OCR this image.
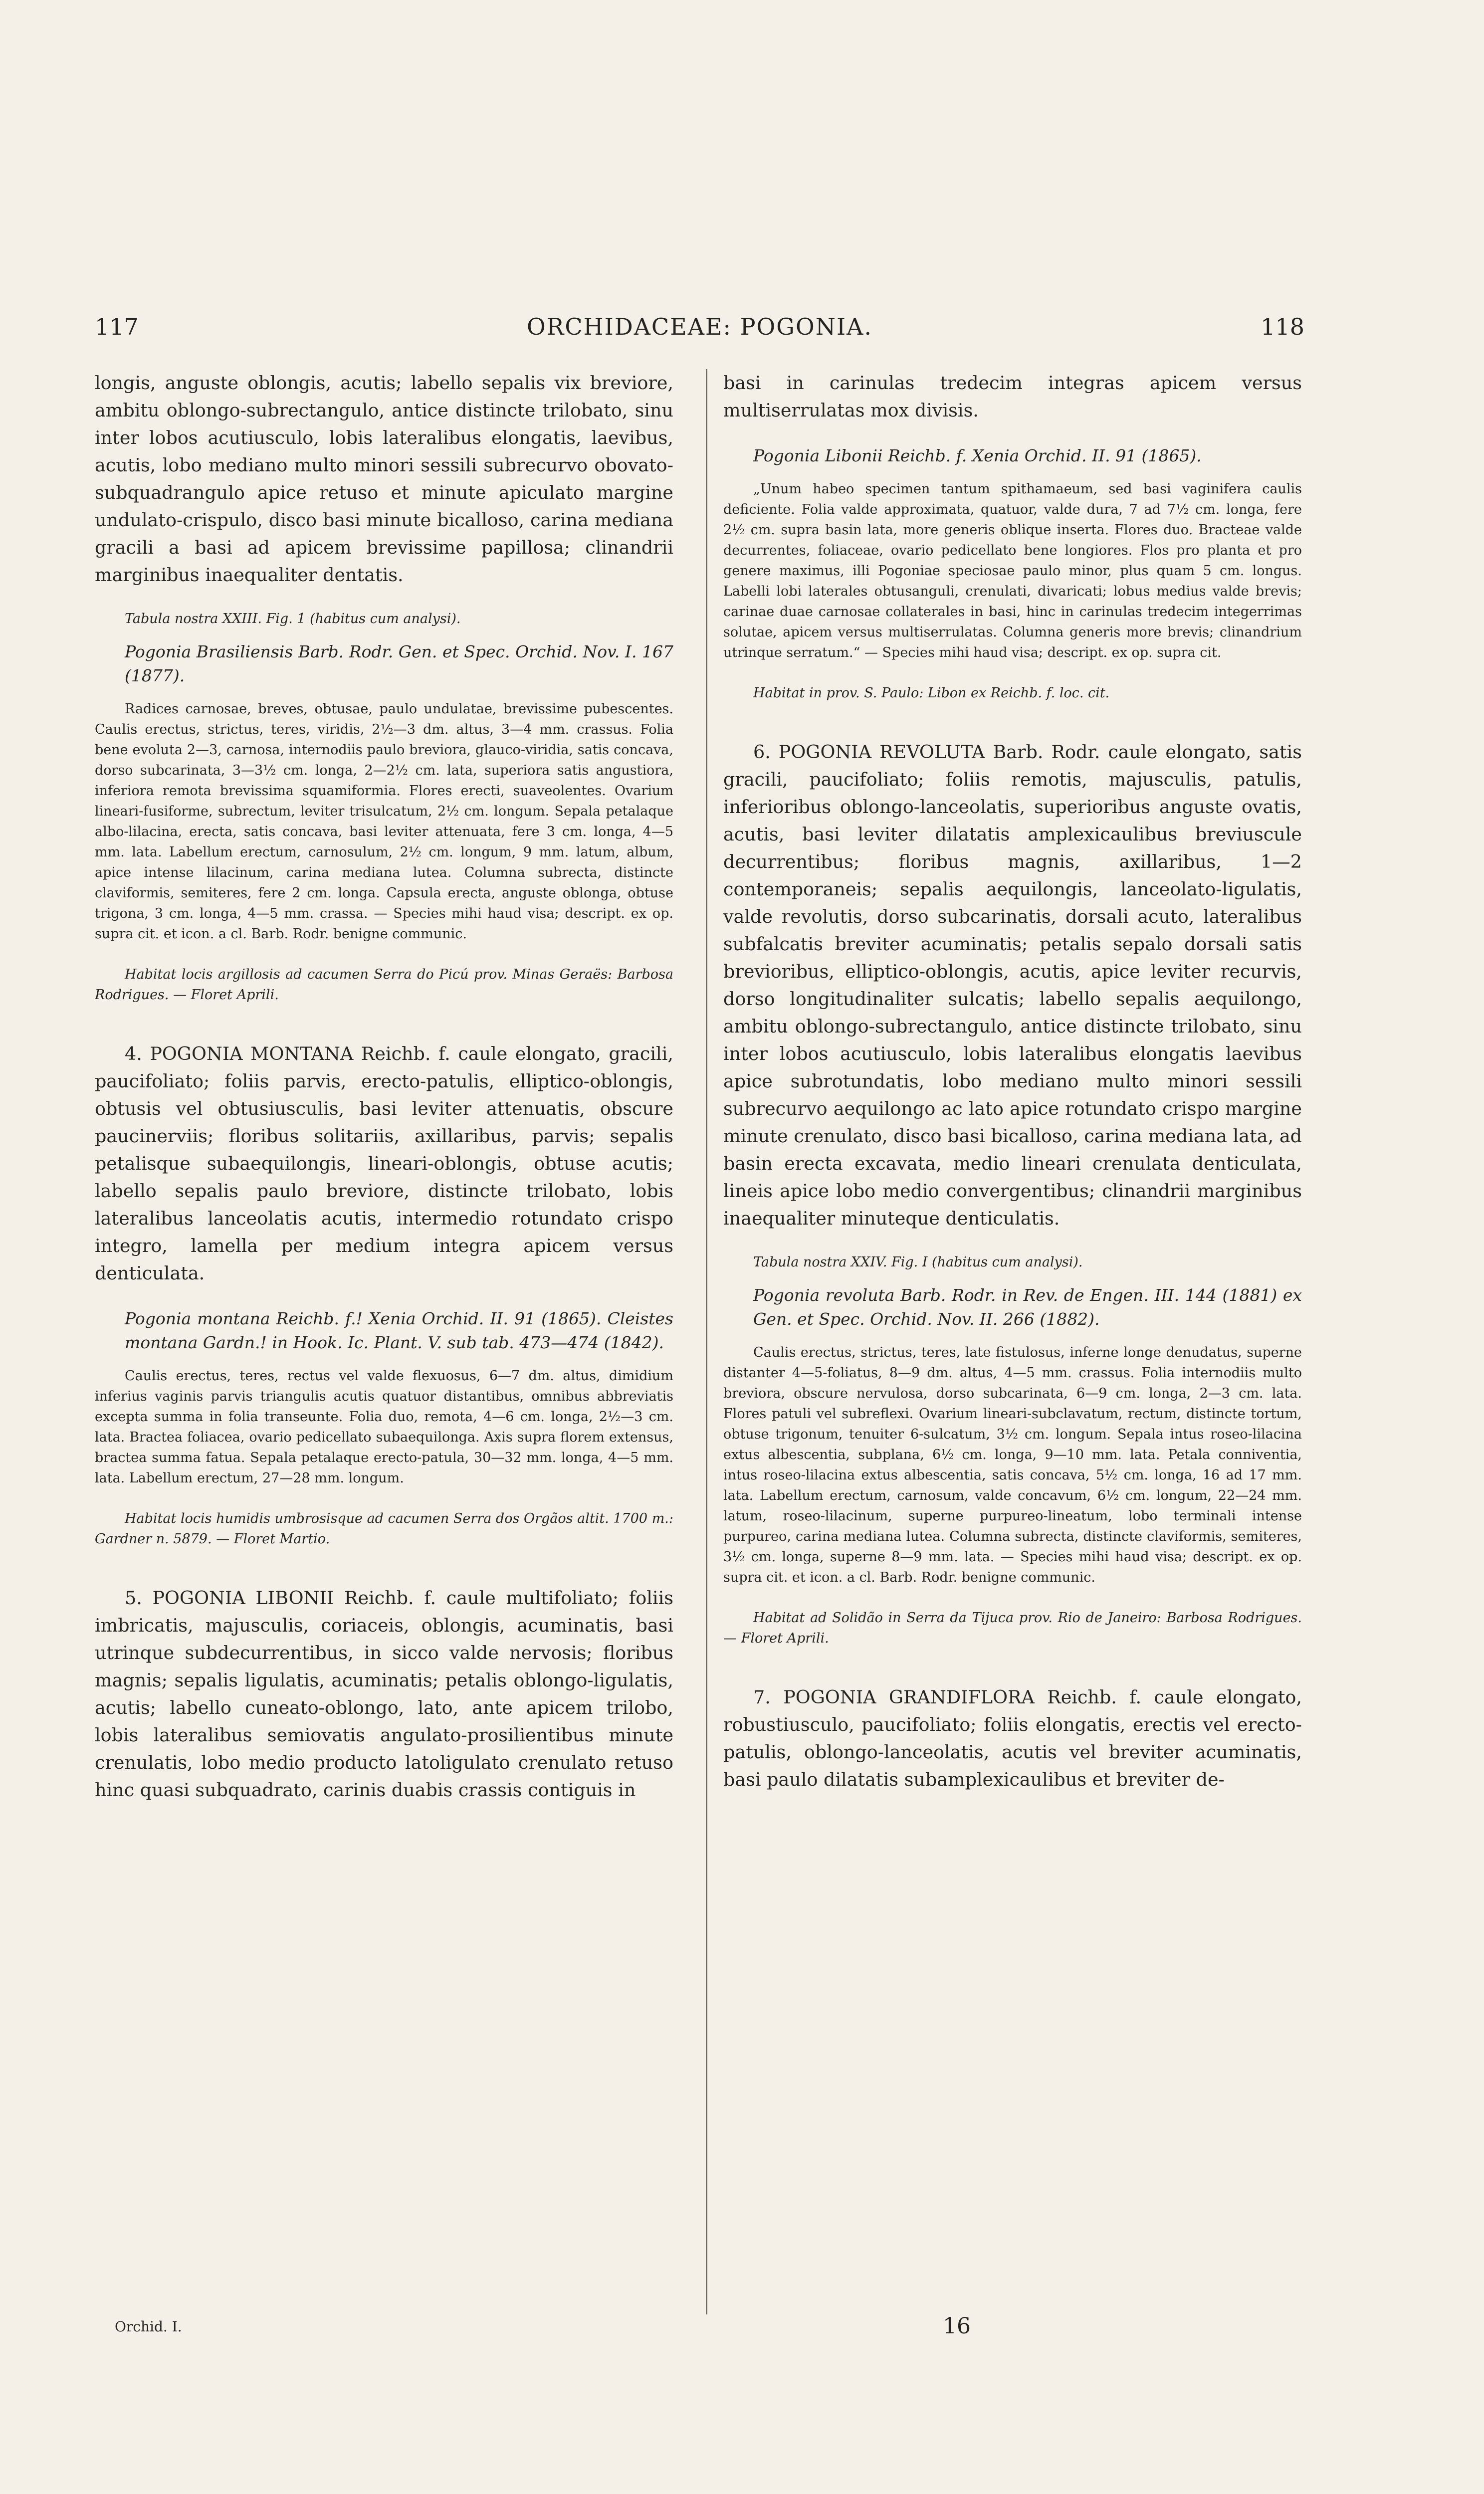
117	ORCHIDACEAE: POGONIA.	118

longis, anguste oblongis, acutis; labello sepalis vix breviore, ambitu oblongo-subrectangulo, antice distincte trilobato, sinu inter lobos acutiusculo, lobis lateralibus elongatis, laevibus, acutis, lobo mediano multo minori sessili subrecurvo obovato-subquadrangulo apice retuso et minute apiculato margine undulato-crispulo, disco basi minute bicalloso, carina mediana gracili a basi ad apicem brevissime papillosa; clinandrii marginibus inaequaliter dentatis.

Tabula nostra XXIII. Fig. 1 (habitus cum analysi).

Pogonia Brasiliensis Barb. Rodr. Gen. et Spec. Orchid. Nov. I. 167 (1877).

Radices carnosae, breves, obtusae, paulo undulatae, brevissime pubescentes. Caulis erectus, strictus, teres, viridis, 2½—3 dm. altus, 3—4 mm. crassus. Folia bene evoluta 2—3, carnosa, internodiis paulo breviora, glauco-viridia, satis concava, dorso subcarinata, 3—3½ cm. longa, 2—2½ cm. lata, superiora satis angustiora, inferiora remota brevissima squamiformia. Flores erecti, suaveolentes. Ovarium lineari-fusiforme, subrectum, leviter trisulcatum, 2½ cm. longum. Sepala petalaque albo-lilacina, erecta, satis concava, basi leviter attenuata, fere 3 cm. longa, 4—5 mm. lata. Labellum erectum, carnosulum, 2½ cm. longum, 9 mm. latum, album, apice intense lilacinum, carina mediana lutea. Columna subrecta, distincte claviformis, semiteres, fere 2 cm. longa. Capsula erecta, anguste oblonga, obtuse trigona, 3 cm. longa, 4—5 mm. crassa. — Species mihi haud visa; descript. ex op. supra cit. et icon. a cl. Barb. Rodr. benigne communic.

Habitat locis argillosis ad cacumen Serra do Picú prov. Minas Geraës: Barbosa Rodrigues. — Floret Aprili.

4. POGONIA MONTANA Reichb. f. caule elongato, gracili, paucifoliato; foliis parvis, erecto-patulis, elliptico-oblongis, obtusis vel obtusiusculis, basi leviter attenuatis, obscure paucinerviis; floribus solitariis, axillaribus, parvis; sepalis petalisque subaequilongis, lineari-oblongis, obtuse acutis; labello sepalis paulo breviore, distincte trilobato, lobis lateralibus lanceolatis acutis, intermedio rotundato crispo integro, lamella per medium integra apicem versus denticulata.

Pogonia montana Reichb. f.! Xenia Orchid. II. 91 (1865). Cleistes montana Gardn.! in Hook. Ic. Plant. V. sub tab. 473—474 (1842).

Caulis erectus, teres, rectus vel valde flexuosus, 6—7 dm. altus, dimidium inferius vaginis parvis triangulis acutis quatuor distantibus, omnibus abbreviatis excepta summa in folia transeunte. Folia duo, remota, 4—6 cm. longa, 2½—3 cm. lata. Bractea foliacea, ovario pedicellato subaequilonga. Axis supra florem extensus, bractea summa fatua. Sepala petalaque erecto-patula, 30—32 mm. longa, 4—5 mm. lata. Labellum erectum, 27—28 mm. longum.

Habitat locis humidis umbrosisque ad cacumen Serra dos Orgãos altit. 1700 m.: Gardner n. 5879. — Floret Martio.

5. POGONIA LIBONII Reichb. f. caule multifoliato; foliis imbricatis, majusculis, coriaceis, oblongis, acuminatis, basi utrinque subdecurrentibus, in sicco valde nervosis; floribus magnis; sepalis ligulatis, acuminatis; petalis oblongo-ligulatis, acutis; labello cuneato-oblongo, lato, ante apicem trilobo, lobis lateralibus semiovatis angulato-prosilientibus minute crenulatis, lobo medio producto latoligulato crenulato retuso hinc quasi subquadrato, carinis duabis crassis contiguis in

basi in carinulas tredecim integras apicem versus multiserrulatas mox divisis.

Pogonia Libonii Reichb. f. Xenia Orchid. II. 91 (1865).

„Unum habeo specimen tantum spithamaeum, sed basi vaginifera caulis deficiente. Folia valde approximata, quatuor, valde dura, 7 ad 7½ cm. longa, fere 2½ cm. supra basin lata, more generis oblique inserta. Flores duo. Bracteae valde decurrentes, foliaceae, ovario pedicellato bene longiores. Flos pro planta et pro genere maximus, illi Pogoniae speciosae paulo minor, plus quam 5 cm. longus. Labelli lobi laterales obtusanguli, crenulati, divaricati; lobus medius valde brevis; carinae duae carnosae collaterales in basi, hinc in carinulas tredecim integerrimas solutae, apicem versus multiserrulatas. Columna generis more brevis; clinandrium utrinque serratum.“ — Species mihi haud visa; descript. ex op. supra cit.

Habitat in prov. S. Paulo: Libon ex Reichb. f. loc. cit.

6. POGONIA REVOLUTA Barb. Rodr. caule elongato, satis gracili, paucifoliato; foliis remotis, majusculis, patulis, inferioribus oblongo-lanceolatis, superioribus anguste ovatis, acutis, basi leviter dilatatis amplexicaulibus breviuscule decurrentibus; floribus magnis, axillaribus, 1—2 contemporaneis; sepalis aequilongis, lanceolato-ligulatis, valde revolutis, dorso subcarinatis, dorsali acuto, lateralibus subfalcatis breviter acuminatis; petalis sepalo dorsali satis brevioribus, elliptico-oblongis, acutis, apice leviter recurvis, dorso longitudinaliter sulcatis; labello sepalis aequilongo, ambitu oblongo-subrectangulo, antice distincte trilobato, sinu inter lobos acutiusculo, lobis lateralibus elongatis laevibus apice subrotundatis, lobo mediano multo minori sessili subrecurvo aequilongo ac lato apice rotundato crispo margine minute crenulato, disco basi bicalloso, carina mediana lata, ad basin erecta excavata, medio lineari crenulata denticulata, lineis apice lobo medio convergentibus; clinandrii marginibus inaequaliter minuteque denticulatis.

Tabula nostra XXIV. Fig. I (habitus cum analysi).

Pogonia revoluta Barb. Rodr. in Rev. de Engen. III. 144 (1881) ex Gen. et Spec. Orchid. Nov. II. 266 (1882).

Caulis erectus, strictus, teres, late fistulosus, inferne longe denudatus, superne distanter 4—5-foliatus, 8—9 dm. altus, 4—5 mm. crassus. Folia internodiis multo breviora, obscure nervulosa, dorso subcarinata, 6—9 cm. longa, 2—3 cm. lata. Flores patuli vel subreflexi. Ovarium lineari-subclavatum, rectum, distincte tortum, obtuse trigonum, tenuiter 6-sulcatum, 3½ cm. longum. Sepala intus roseo-lilacina extus albescentia, subplana, 6½ cm. longa, 9—10 mm. lata. Petala conniventia, intus roseo-lilacina extus albescentia, satis concava, 5½ cm. longa, 16 ad 17 mm. lata. Labellum erectum, carnosum, valde concavum, 6½ cm. longum, 22—24 mm. latum, roseo-lilacinum, superne purpureo-lineatum, lobo terminali intense purpureo, carina mediana lutea. Columna subrecta, distincte claviformis, semiteres, 3½ cm. longa, superne 8—9 mm. lata. — Species mihi haud visa; descript. ex op. supra cit. et icon. a cl. Barb. Rodr. benigne communic.

Habitat ad Solidão in Serra da Tijuca prov. Rio de Janeiro: Barbosa Rodrigues. — Floret Aprili.

7. POGONIA GRANDIFLORA Reichb. f. caule elongato, robustiusculo, paucifoliato; foliis elongatis, erectis vel erecto-patulis, oblongo-lanceolatis, acutis vel breviter acuminatis, basi paulo dilatatis subamplexicaulibus et breviter de-

Orchid. I.	16
